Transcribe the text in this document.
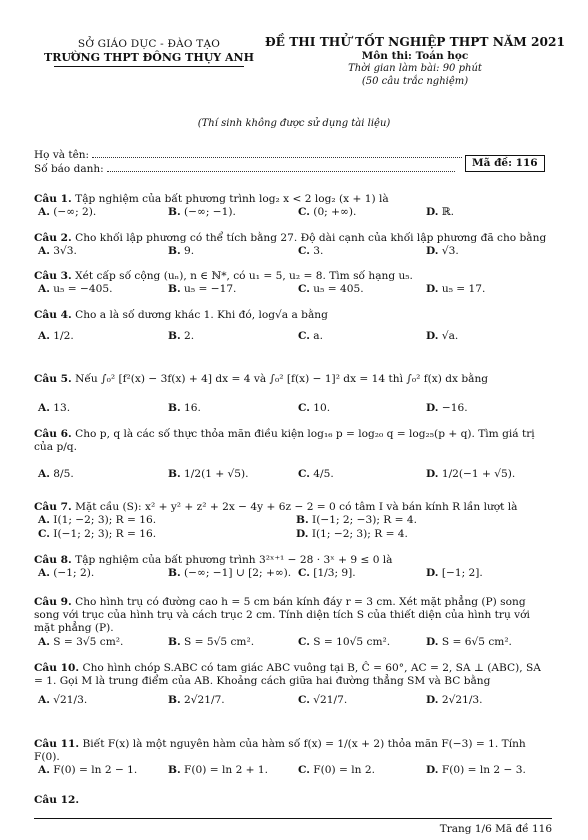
SỞ GIÁO DỤC - ĐÀO TẠO
TRƯỜNG THPT ĐÔNG THỤY ANH
ĐỀ THI THỬ TỐT NGHIỆP THPT NĂM 2021
Môn thi: Toán học
Thời gian làm bài: 90 phút
(50 câu trắc nghiệm)
(Thí sinh không được sử dụng tài liệu)
Họ và tên:
Số báo danh:	Mã đề: 116
Câu 1. Tập nghiệm của bất phương trình log₂ x < 2 log₂ (x + 1) là
A. (−∞; 2).	B. (−∞; −1).	C. (0; +∞).	D. ℝ.
Câu 2. Cho khối lập phương có thể tích bằng 27. Độ dài cạnh của khối lập phương đã cho bằng
A. 3√3.	B. 9.	C. 3.	D. √3.
Câu 3. Xét cấp số cộng (uₙ), n ∈ ℕ*, có u₁ = 5, u₂ = 8. Tìm số hạng u₅.
A. u₅ = −405.	B. u₅ = −17.	C. u₅ = 405.	D. u₅ = 17.
Câu 4. Cho a là số dương khác 1. Khi đó, log√a a bằng
A. 1/2.	B. 2.	C. a.	D. √a.
Câu 5. Nếu ∫₀² [f²(x) − 3f(x) + 4] dx = 4 và ∫₀² [f(x) − 1]² dx = 14 thì ∫₀² f(x) dx bằng
A. 13.	B. 16.	C. 10.	D. −16.
Câu 6. Cho p, q là các số thực thỏa mãn điều kiện log₁₆ p = log₂₀ q = log₂₅(p + q). Tìm giá trị của p/q.
A. 8/5.	B. 1/2(1 + √5).	C. 4/5.	D. 1/2(−1 + √5).
Câu 7. Mặt cầu (S): x² + y² + z² + 2x − 4y + 6z − 2 = 0 có tâm I và bán kính R lần lượt là
A. I(1; −2; 3); R = 16.	B. I(−1; 2; −3); R = 4.
C. I(−1; 2; 3); R = 16.	D. I(1; −2; 3); R = 4.
Câu 8. Tập nghiệm của bất phương trình 3²ˣ⁺¹ − 28 · 3ˣ + 9 ≤ 0 là
A. (−1; 2).	B. (−∞; −1] ∪ [2; +∞). C. [1/3; 9].	D. [−1; 2].
Câu 9. Cho hình trụ có đường cao h = 5 cm bán kính đáy r = 3 cm. Xét mặt phẳng (P) song song với trục của hình trụ và cách trục 2 cm. Tính diện tích S của thiết diện của hình trụ với mặt phẳng (P).
A. S = 3√5 cm².	B. S = 5√5 cm².	C. S = 10√5 cm².	D. S = 6√5 cm².
Câu 10. Cho hình chóp S.ABC có tam giác ABC vuông tại B, Ĉ = 60°, AC = 2, SA ⊥ (ABC), SA = 1. Gọi M là trung điểm của AB. Khoảng cách giữa hai đường thẳng SM và BC bằng
A. √21/3.	B. 2√21/7.	C. √21/7.	D. 2√21/3.
Câu 11. Biết F(x) là một nguyên hàm của hàm số f(x) = 1/(x + 2) thỏa mãn F(−3) = 1. Tính F(0).
A. F(0) = ln 2 − 1.	B. F(0) = ln 2 + 1.	C. F(0) = ln 2.	D. F(0) = ln 2 − 3.
Câu 12.
Trang 1/6 Mã đề 116
